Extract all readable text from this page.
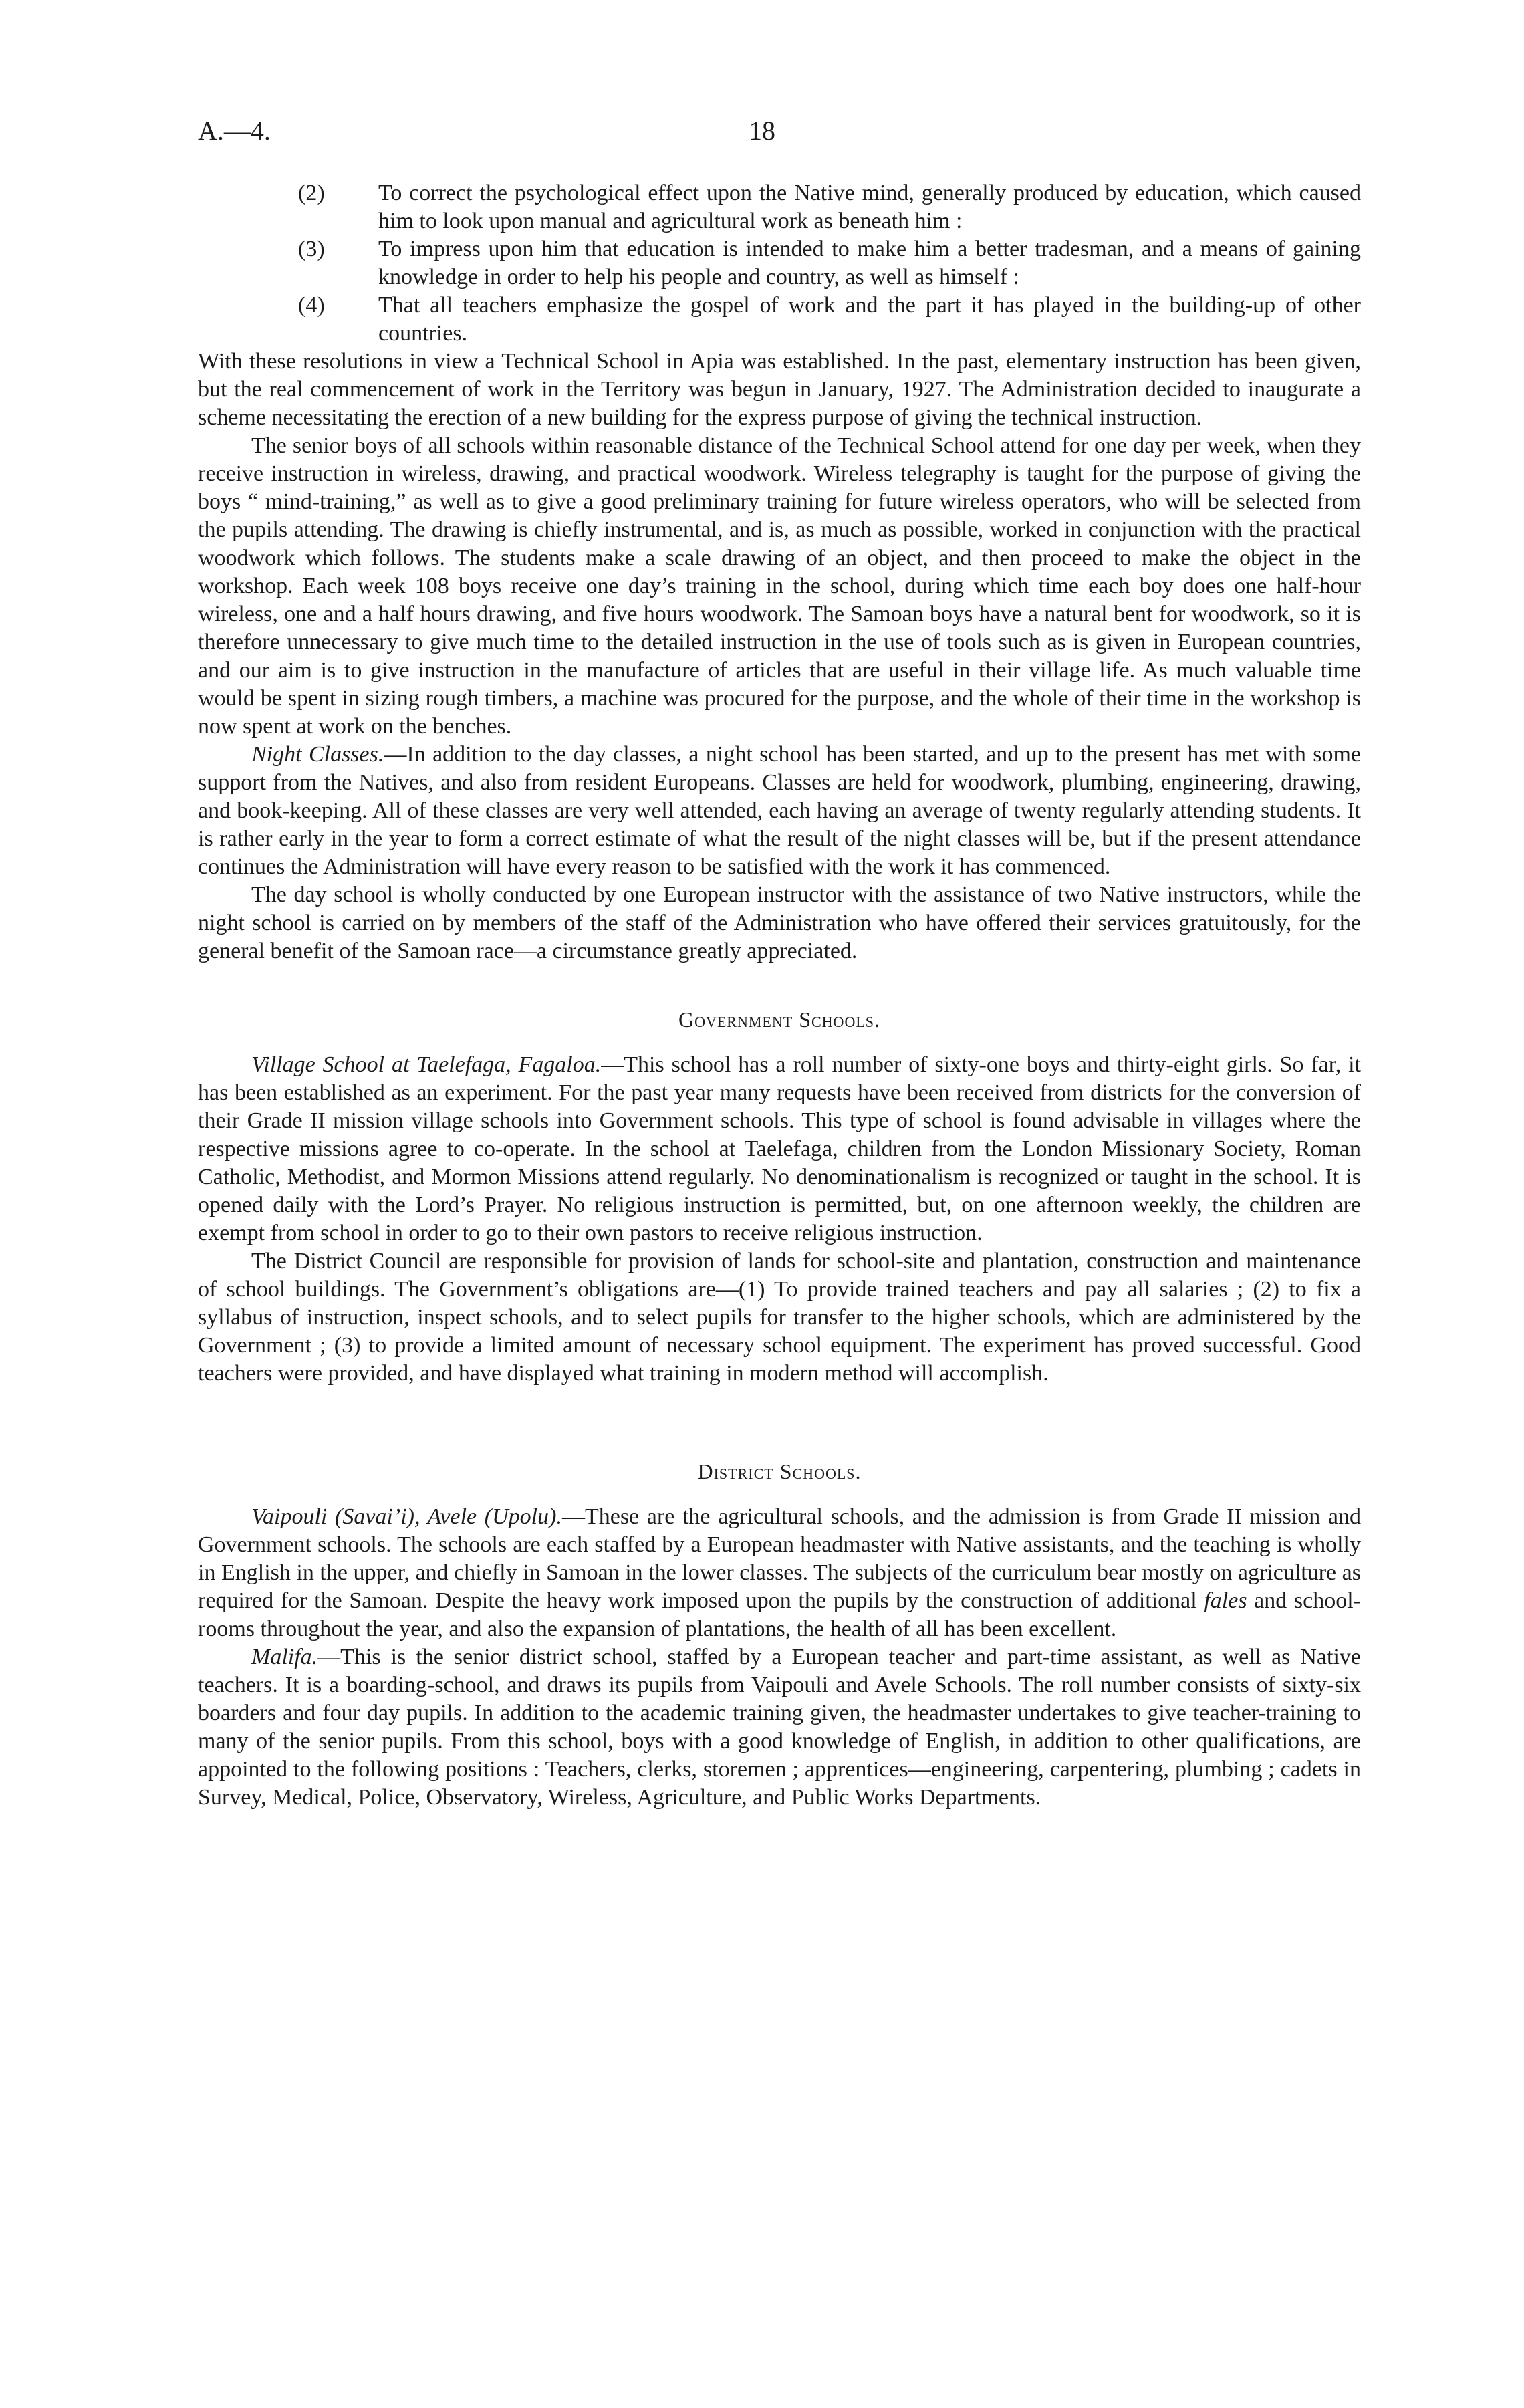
A.—4.	18
(2) To correct the psychological effect upon the Native mind, generally produced by education, which caused him to look upon manual and agricultural work as beneath him :
(3) To impress upon him that education is intended to make him a better tradesman, and a means of gaining knowledge in order to help his people and country, as well as himself :
(4) That all teachers emphasize the gospel of work and the part it has played in the building-up of other countries.

With these resolutions in view a Technical School in Apia was established. In the past, elementary instruction has been given, but the real commencement of work in the Territory was begun in January, 1927. The Administration decided to inaugurate a scheme necessitating the erection of a new building for the express purpose of giving the technical instruction.

The senior boys of all schools within reasonable distance of the Technical School attend for one day per week, when they receive instruction in wireless, drawing, and practical woodwork. Wireless telegraphy is taught for the purpose of giving the boys “ mind-training,” as well as to give a good preliminary training for future wireless operators, who will be selected from the pupils attending. The drawing is chiefly instrumental, and is, as much as possible, worked in conjunction with the practical woodwork which follows. The students make a scale drawing of an object, and then proceed to make the object in the workshop. Each week 108 boys receive one day’s training in the school, during which time each boy does one half-hour wireless, one and a half hours drawing, and five hours woodwork. The Samoan boys have a natural bent for woodwork, so it is therefore unnecessary to give much time to the detailed instruction in the use of tools such as is given in European countries, and our aim is to give instruction in the manufacture of articles that are useful in their village life. As much valuable time would be spent in sizing rough timbers, a machine was procured for the purpose, and the whole of their time in the workshop is now spent at work on the benches.

Night Classes.—In addition to the day classes, a night school has been started, and up to the present has met with some support from the Natives, and also from resident Europeans. Classes are held for woodwork, plumbing, engineering, drawing, and book-keeping. All of these classes are very well attended, each having an average of twenty regularly attending students. It is rather early in the year to form a correct estimate of what the result of the night classes will be, but if the present attendance continues the Administration will have every reason to be satisfied with the work it has commenced.

The day school is wholly conducted by one European instructor with the assistance of two Native instructors, while the night school is carried on by members of the staff of the Administration who have offered their services gratuitously, for the general benefit of the Samoan race—a circumstance greatly appreciated.

Government Schools.

Village School at Taelefaga, Fagaloa.—This school has a roll number of sixty-one boys and thirty-eight girls. So far, it has been established as an experiment. For the past year many requests have been received from districts for the conversion of their Grade II mission village schools into Government schools. This type of school is found advisable in villages where the respective missions agree to co-operate. In the school at Taelefaga, children from the London Missionary Society, Roman Catholic, Methodist, and Mormon Missions attend regularly. No denominationalism is recognized or taught in the school. It is opened daily with the Lord’s Prayer. No religious instruction is permitted, but, on one afternoon weekly, the children are exempt from school in order to go to their own pastors to receive religious instruction.

The District Council are responsible for provision of lands for school-site and plantation, construction and maintenance of school buildings. The Government’s obligations are—(1) To provide trained teachers and pay all salaries ; (2) to fix a syllabus of instruction, inspect schools, and to select pupils for transfer to the higher schools, which are administered by the Government ; (3) to provide a limited amount of necessary school equipment. The experiment has proved successful. Good teachers were provided, and have displayed what training in modern method will accomplish.

District Schools.

Vaipouli (Savai’i), Avele (Upolu).—These are the agricultural schools, and the admission is from Grade II mission and Government schools. The schools are each staffed by a European headmaster with Native assistants, and the teaching is wholly in English in the upper, and chiefly in Samoan in the lower classes. The subjects of the curriculum bear mostly on agriculture as required for the Samoan. Despite the heavy work imposed upon the pupils by the construction of additional fales and school-rooms throughout the year, and also the expansion of plantations, the health of all has been excellent.

Malifa.—This is the senior district school, staffed by a European teacher and part-time assistant, as well as Native teachers. It is a boarding-school, and draws its pupils from Vaipouli and Avele Schools. The roll number consists of sixty-six boarders and four day pupils. In addition to the academic training given, the headmaster undertakes to give teacher-training to many of the senior pupils. From this school, boys with a good knowledge of English, in addition to other qualifications, are appointed to the following positions : Teachers, clerks, storemen ; apprentices—engineering, carpentering, plumbing ; cadets in Survey, Medical, Police, Observatory, Wireless, Agriculture, and Public Works Departments.
